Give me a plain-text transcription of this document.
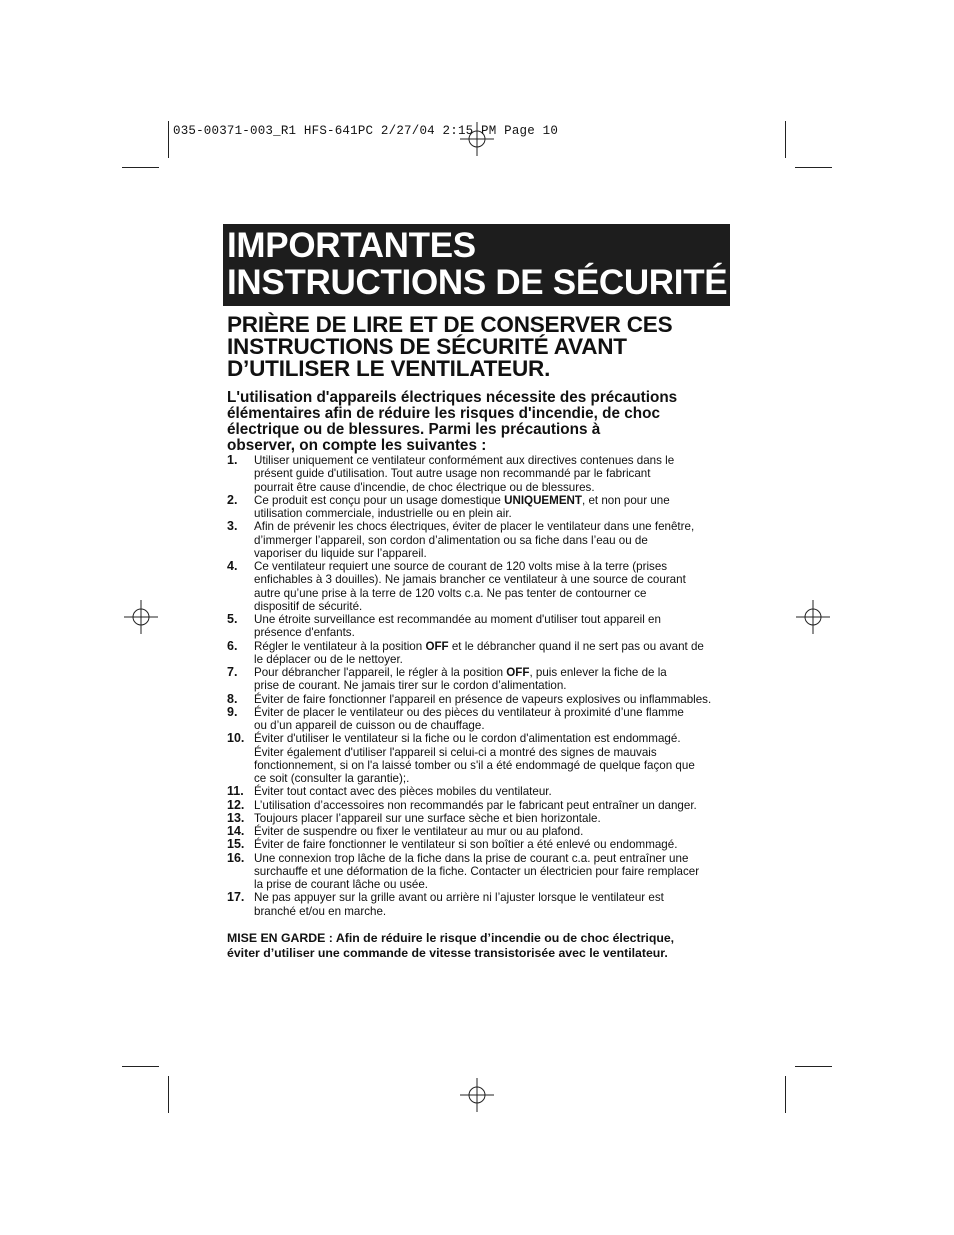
035-00371-003_R1 HFS-641PC 2/27/04 2:15 PM Page 10
IMPORTANTES
INSTRUCTIONS DE SÉCURITÉ
PRIÈRE DE LIRE ET DE CONSERVER CES
INSTRUCTIONS DE SÉCURITÉ AVANT
D’UTILISER LE VENTILATEUR.
L'utilisation d'appareils électriques nécessite des précautions
élémentaires afin de réduire les risques d'incendie, de choc
électrique ou de blessures. Parmi les précautions à
observer, on compte les suivantes :
1.	Utiliser uniquement ce ventilateur conformément aux directives contenues dans le
présent guide d'utilisation. Tout autre usage non recommandé par le fabricant
pourrait être cause d'incendie, de choc électrique ou de blessures.
2.	Ce produit est conçu pour un usage domestique UNIQUEMENT, et non pour une
utilisation commerciale, industrielle ou en plein air.
3.	Afin de prévenir les chocs électriques, éviter de placer le ventilateur dans une fenêtre,
d’immerger l’appareil, son cordon d’alimentation ou sa fiche dans l’eau ou de
vaporiser du liquide sur l’appareil.
4.	Ce ventilateur requiert une source de courant de 120 volts mise à la terre (prises
enfichables à 3 douilles). Ne jamais brancher ce ventilateur à une source de courant
autre qu’une prise à la terre de 120 volts c.a. Ne pas tenter de contourner ce
dispositif de sécurité.
5.	Une étroite surveillance est recommandée au moment d'utiliser tout appareil en
présence d'enfants.
6.	Régler le ventilateur à la position OFF et le débrancher quand il ne sert pas ou avant de
le déplacer ou de le nettoyer.
7.	Pour débrancher l'appareil, le régler à la position OFF, puis enlever la fiche de la
prise de courant. Ne jamais tirer sur le cordon d’alimentation.
8.	Éviter de faire fonctionner l'appareil en présence de vapeurs explosives ou inflammables.
9.	Éviter de placer le ventilateur ou des pièces du ventilateur à proximité d’une flamme
ou d’un appareil de cuisson ou de chauffage.
10. Éviter d'utiliser le ventilateur si la fiche ou le cordon d'alimentation est endommagé.
Éviter également d'utiliser l'appareil si celui-ci a montré des signes de mauvais
fonctionnement, si on l'a laissé tomber ou s'il a été endommagé de quelque façon que
ce soit (consulter la garantie);.
11. Éviter tout contact avec des pièces mobiles du ventilateur.
12. L’utilisation d’accessoires non recommandés par le fabricant peut entraîner un danger.
13. Toujours placer l’appareil sur une surface sèche et bien horizontale.
14. Éviter de suspendre ou fixer le ventilateur au mur ou au plafond.
15. Éviter de faire fonctionner le ventilateur si son boîtier a été enlevé ou endommagé.
16. Une connexion trop lâche de la fiche dans la prise de courant c.a. peut entraîner une
surchauffe et une déformation de la fiche. Contacter un électricien pour faire remplacer
la prise de courant lâche ou usée.
17. Ne pas appuyer sur la grille avant ou arrière ni l’ajuster lorsque le ventilateur est
branché et/ou en marche.
MISE EN GARDE : Afin de réduire le risque d’incendie ou de choc électrique,
éviter d’utiliser une commande de vitesse transistorisée avec le ventilateur.
